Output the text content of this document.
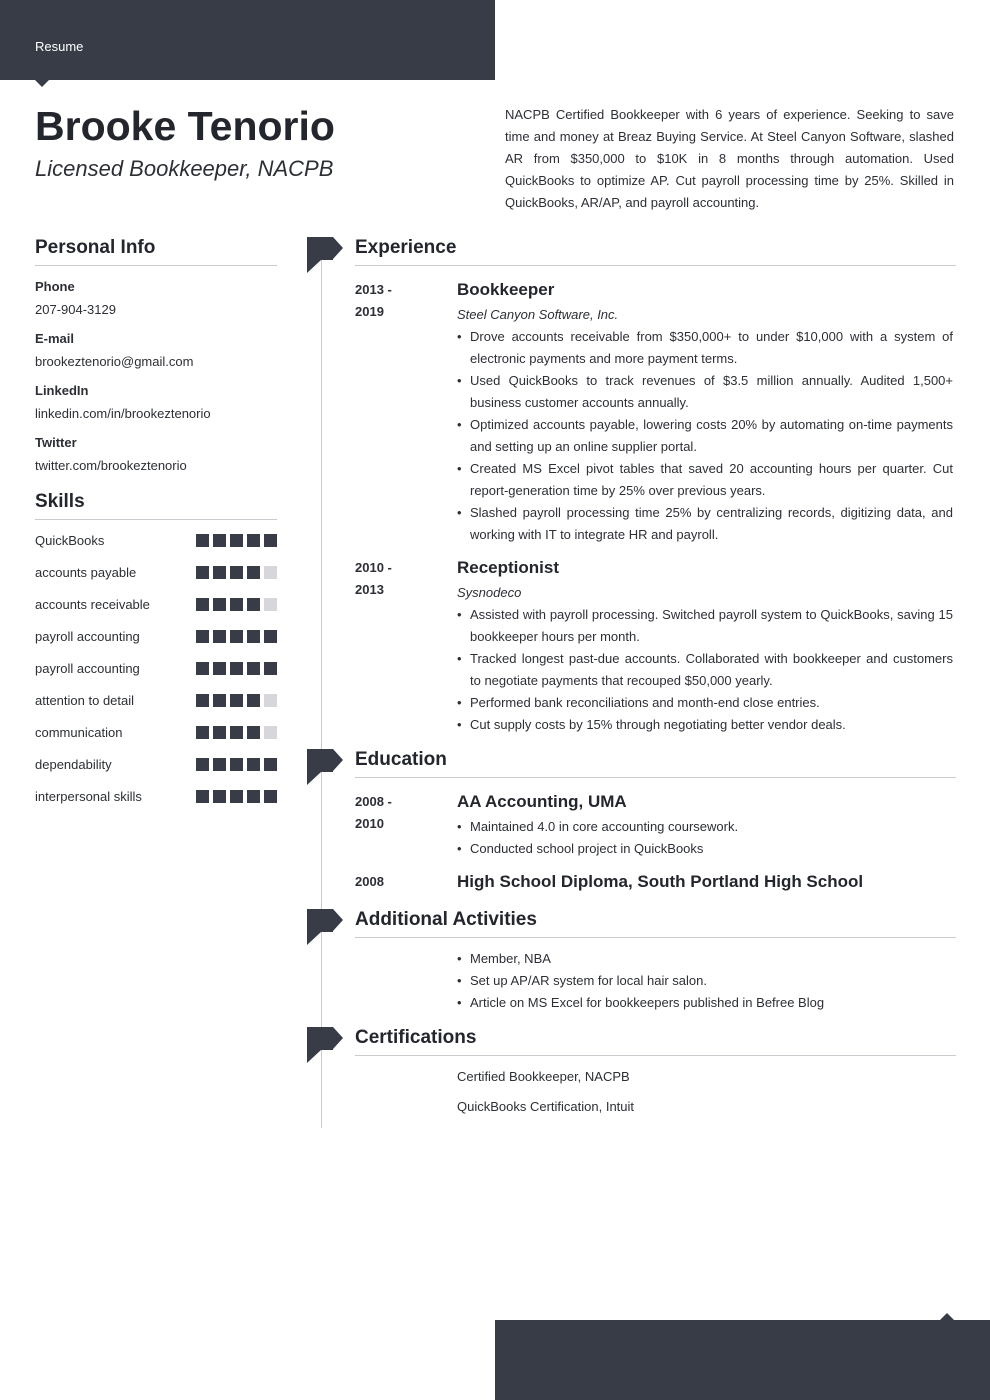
Resume
Brooke Tenorio
Licensed Bookkeeper, NACPB
NACPB Certified Bookkeeper with 6 years of experience. Seeking to save time and money at Breaz Buying Service. At Steel Canyon Software, slashed AR from $350,000 to $10K in 8 months through automation. Used QuickBooks to optimize AP. Cut payroll processing time by 25%. Skilled in QuickBooks, AR/AP, and payroll accounting.
Personal Info
Phone
207-904-3129
E-mail
brookeztenorio@gmail.com
LinkedIn
linkedin.com/in/brookeztenorio
Twitter
twitter.com/brookeztenorio
Skills
QuickBooks
accounts payable
accounts receivable
payroll accounting
payroll accounting
attention to detail
communication
dependability
interpersonal skills
Experience
2013 -
2019
Bookkeeper
Steel Canyon Software, Inc.
• Drove accounts receivable from $350,000+ to under $10,000 with a system of electronic payments and more payment terms.
• Used QuickBooks to track revenues of $3.5 million annually. Audited 1,500+ business customer accounts annually.
• Optimized accounts payable, lowering costs 20% by automating on-time payments and setting up an online supplier portal.
• Created MS Excel pivot tables that saved 20 accounting hours per quarter. Cut report-generation time by 25% over previous years.
• Slashed payroll processing time 25% by centralizing records, digitizing data, and working with IT to integrate HR and payroll.
2010 -
2013
Receptionist
Sysnodeco
• Assisted with payroll processing. Switched payroll system to QuickBooks, saving 15 bookkeeper hours per month.
• Tracked longest past-due accounts. Collaborated with bookkeeper and customers to negotiate payments that recouped $50,000 yearly.
• Performed bank reconciliations and month-end close entries.
• Cut supply costs by 15% through negotiating better vendor deals.
Education
2008 -
2010
AA Accounting, UMA
• Maintained 4.0 in core accounting coursework.
• Conducted school project in QuickBooks
2008	High School Diploma, South Portland High School
Additional Activities
• Member, NBA
• Set up AP/AR system for local hair salon.
• Article on MS Excel for bookkeepers published in Befree Blog
Certifications
Certified Bookkeeper, NACPB
QuickBooks Certification, Intuit
